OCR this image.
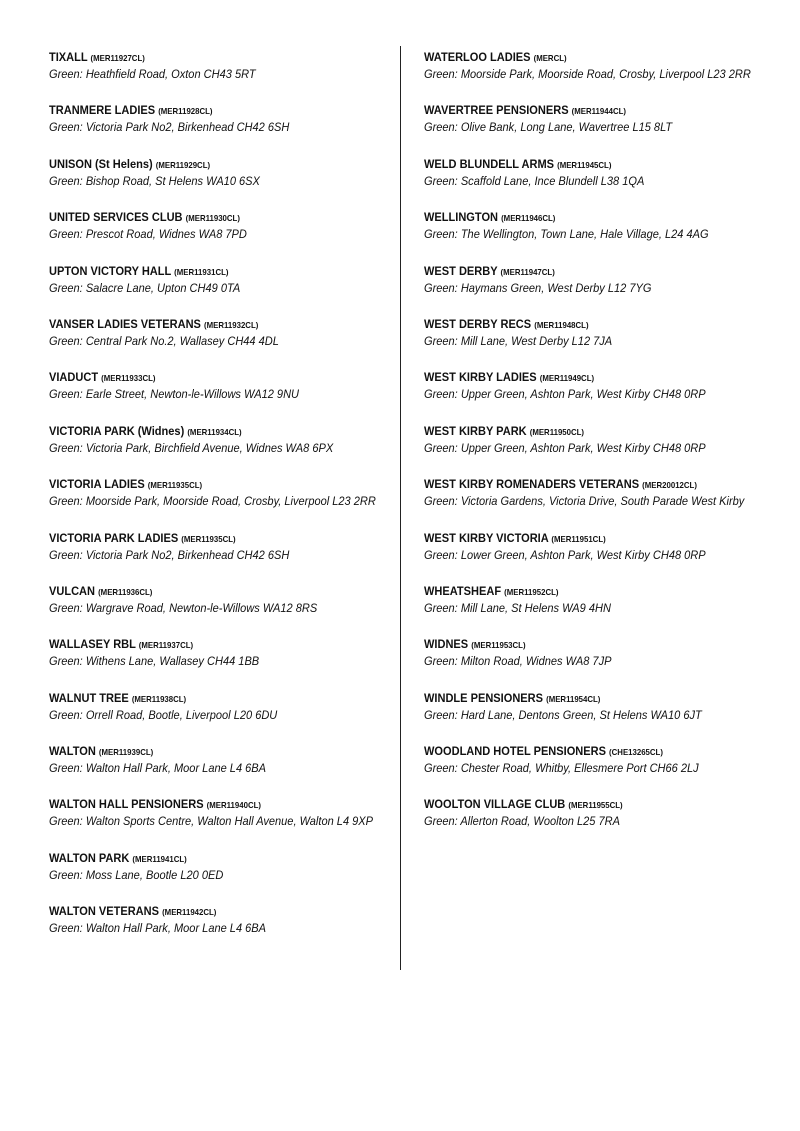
TIXALL (MER11927CL)
Green: Heathfield Road, Oxton CH43 5RT
TRANMERE LADIES (MER11928CL)
Green: Victoria Park No2, Birkenhead CH42 6SH
UNISON (St Helens) (MER11929CL)
Green: Bishop Road, St Helens WA10 6SX
UNITED SERVICES CLUB (MER11930CL)
Green: Prescot Road, Widnes WA8 7PD
UPTON VICTORY HALL (MER11931CL)
Green: Salacre Lane, Upton CH49 0TA
VANSER LADIES VETERANS (MER11932CL)
Green: Central Park No.2, Wallasey CH44 4DL
VIADUCT (MER11933CL)
Green: Earle Street, Newton-le-Willows WA12 9NU
VICTORIA PARK (Widnes) (MER11934CL)
Green: Victoria Park, Birchfield Avenue, Widnes WA8 6PX
VICTORIA LADIES (MER11935CL)
Green: Moorside Park, Moorside Road, Crosby, Liverpool L23 2RR
VICTORIA PARK LADIES (MER11935CL)
Green: Victoria Park No2, Birkenhead CH42 6SH
VULCAN (MER11936CL)
Green: Wargrave Road, Newton-le-Willows WA12 8RS
WALLASEY RBL (MER11937CL)
Green: Withens Lane, Wallasey CH44 1BB
WALNUT TREE (MER11938CL)
Green: Orrell Road, Bootle, Liverpool L20 6DU
WALTON (MER11939CL)
Green: Walton Hall Park, Moor Lane L4 6BA
WALTON HALL PENSIONERS (MER11940CL)
Green: Walton Sports Centre, Walton Hall Avenue, Walton L4 9XP
WALTON PARK (MER11941CL)
Green: Moss Lane, Bootle L20 0ED
WALTON VETERANS (MER11942CL)
Green: Walton Hall Park, Moor Lane L4 6BA
WATERLOO LADIES (MERCL)
Green: Moorside Park, Moorside Road, Crosby, Liverpool L23 2RR
WAVERTREE PENSIONERS (MER11944CL)
Green: Olive Bank, Long Lane, Wavertree L15 8LT
WELD BLUNDELL ARMS (MER11945CL)
Green: Scaffold Lane, Ince Blundell L38 1QA
WELLINGTON (MER11946CL)
Green: The Wellington, Town Lane, Hale Village, L24 4AG
WEST DERBY (MER11947CL)
Green: Haymans Green, West Derby L12 7YG
WEST DERBY RECS (MER11948CL)
Green: Mill Lane, West Derby L12 7JA
WEST KIRBY LADIES (MER11949CL)
Green: Upper Green, Ashton Park, West Kirby CH48 0RP
WEST KIRBY PARK (MER11950CL)
Green: Upper Green, Ashton Park, West Kirby CH48 0RP
WEST KIRBY ROMENADERS VETERANS (MER20012CL)
Green: Victoria Gardens, Victoria Drive, South Parade West Kirby
WEST KIRBY VICTORIA (MER11951CL)
Green: Lower Green, Ashton Park, West Kirby CH48 0RP
WHEATSHEAF (MER11952CL)
Green: Mill Lane, St Helens WA9 4HN
WIDNES (MER11953CL)
Green: Milton Road, Widnes WA8 7JP
WINDLE PENSIONERS (MER11954CL)
Green: Hard Lane, Dentons Green, St Helens WA10 6JT
WOODLAND HOTEL PENSIONERS (CHE13265CL)
Green: Chester Road, Whitby, Ellesmere Port CH66 2LJ
WOOLTON VILLAGE CLUB (MER11955CL)
Green: Allerton Road, Woolton L25 7RA
